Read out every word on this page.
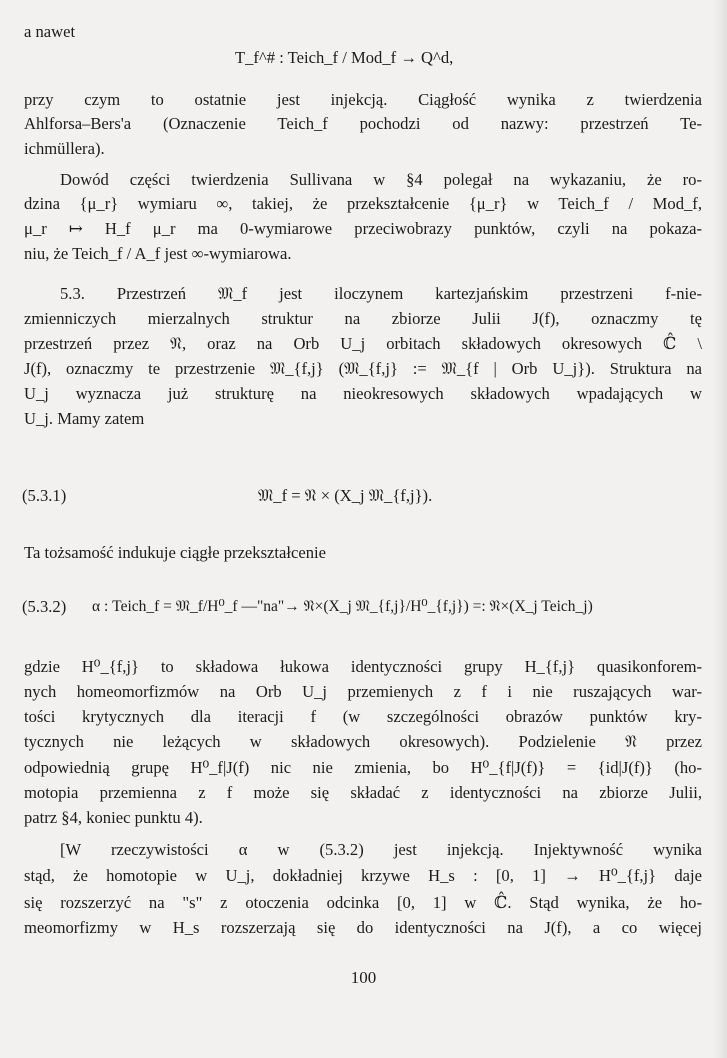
a nawet
T_f^# : Teich_f / Mod_f → Q^d,
przy czym to ostatnie jest injekcją. Ciągłość wynika z twierdzenia
Ahlforsa–Bers'a (Oznaczenie Teich_f pochodzi od nazwy: przestrzeń Te-
ichmüllera).
Dowód części twierdzenia Sullivana w §4 polegał na wykazaniu, że ro-
dzina {μ_r} wymiaru ∞, takiej, że przekształcenie {μ_r} w Teich_f / Mod_f,
μ_r ↦ H_f μ_r ma 0-wymiarowe przeciwobrazy punktów, czyli na pokaza-
niu, że Teich_f / A_f jest ∞-wymiarowa.
5.3. Przestrzeń 𝔐_f jest iloczynem kartezjańskim przestrzeni f-nie-
zmienniczych mierzalnych struktur na zbiorze Julii J(f), oznaczmy tę
przestrzeń przez 𝔑, oraz na Orb U_j orbitach składowych okresowych ℂ̂ \
J(f), oznaczmy te przestrzenie 𝔐_{f,j} (𝔐_{f,j} := 𝔐_{f | Orb U_j}). Struktura na
U_j wyznacza już strukturę na nieokresowych składowych wpadających w
U_j. Mamy zatem
(5.3.1)	𝔐_f = 𝔑 × (X_j 𝔐_{f,j}).
Ta tożsamość indukuje ciągłe przekształcenie
(5.3.2) α : Teich_f = 𝔐_f/H⁰_f —"na"→ 𝔑×(X_j 𝔐_{f,j}/H⁰_{f,j}) =: 𝔑×(X_j Teich_j)
gdzie H⁰_{f,j} to składowa łukowa identyczności grupy H_{f,j} quasikonforem-
nych homeomorfizmów na Orb U_j przemienych z f i nie ruszających war-
tości krytycznych dla iteracji f (w szczególności obrazów punktów kry-
tycznych nie leżących w składowych okresowych). Podzielenie 𝔑 przez
odpowiednią grupę H⁰_f|J(f) nic nie zmienia, bo H⁰_{f|J(f)} = {id|J(f)} (ho-
motopia przemienna z f może się składać z identyczności na zbiorze Julii,
patrz §4, koniec punktu 4).
[W rzeczywistości α w (5.3.2) jest injekcją. Injektywność wynika
stąd, że homotopie w U_j, dokładniej krzywe H_s : [0, 1] → H⁰_{f,j} daje
się rozszerzyć na "s" z otoczenia odcinka [0, 1] w ℂ̂. Stąd wynika, że ho-
meomorfizmy w H_s rozszerzają się do identyczności na J(f), a co więcej
100
